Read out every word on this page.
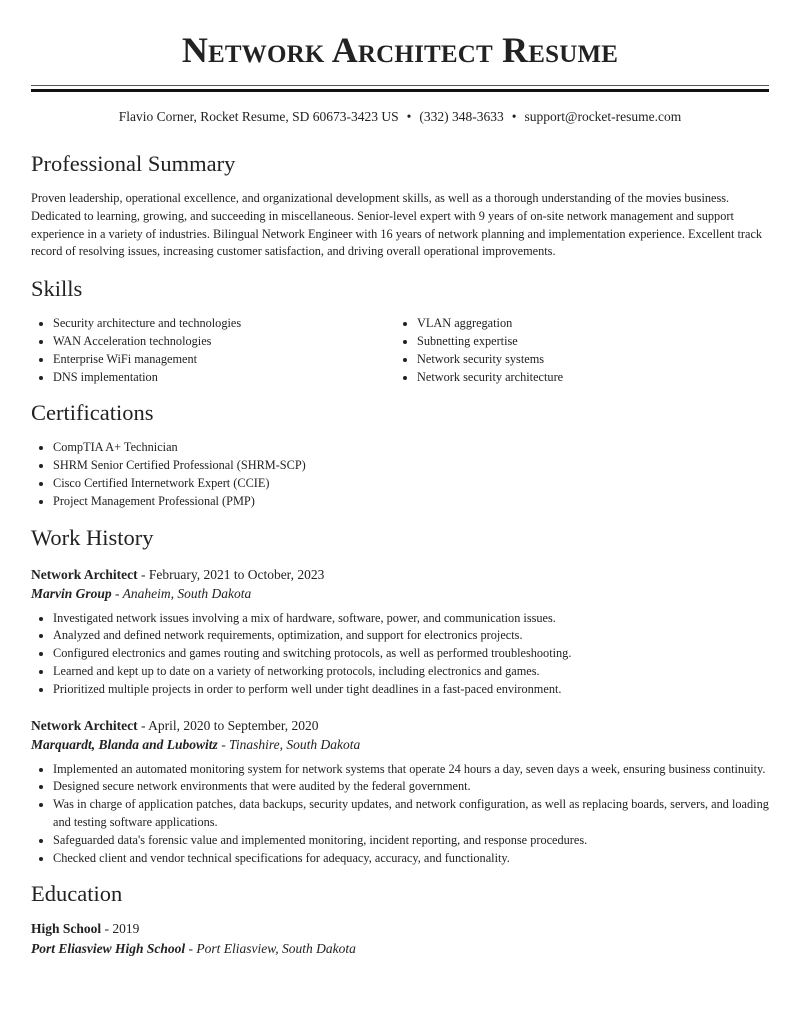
Network Architect Resume
Flavio Corner, Rocket Resume, SD 60673-3423 US • (332) 348-3633 • support@rocket-resume.com
Professional Summary

Proven leadership, operational excellence, and organizational development skills, as well as a thorough understanding of the movies business. Dedicated to learning, growing, and succeeding in miscellaneous. Senior-level expert with 9 years of on-site network management and support experience in a variety of industries. Bilingual Network Engineer with 16 years of network planning and implementation experience. Excellent track record of resolving issues, increasing customer satisfaction, and driving overall operational improvements.

Skills
• Security architecture and technologies
• WAN Acceleration technologies
• Enterprise WiFi management
• DNS implementation
• VLAN aggregation
• Subnetting expertise
• Network security systems
• Network security architecture
Certifications
• CompTIA A+ Technician
• SHRM Senior Certified Professional (SHRM-SCP)
• Cisco Certified Internetwork Expert (CCIE)
• Project Management Professional (PMP)
Work History
Network Architect - February, 2021 to October, 2023
Marvin Group - Anaheim, South Dakota
• Investigated network issues involving a mix of hardware, software, power, and communication issues.
• Analyzed and defined network requirements, optimization, and support for electronics projects.
• Configured electronics and games routing and switching protocols, as well as performed troubleshooting.
• Learned and kept up to date on a variety of networking protocols, including electronics and games.
• Prioritized multiple projects in order to perform well under tight deadlines in a fast-paced environment.
Network Architect - April, 2020 to September, 2020
Marquardt, Blanda and Lubowitz - Tinashire, South Dakota
• Implemented an automated monitoring system for network systems that operate 24 hours a day, seven days a week, ensuring business continuity.
• Designed secure network environments that were audited by the federal government.
• Was in charge of application patches, data backups, security updates, and network configuration, as well as replacing boards, servers, and loading and testing software applications.
• Safeguarded data's forensic value and implemented monitoring, incident reporting, and response procedures.
• Checked client and vendor technical specifications for adequacy, accuracy, and functionality.
Education
High School - 2019
Port Eliasview High School - Port Eliasview, South Dakota
